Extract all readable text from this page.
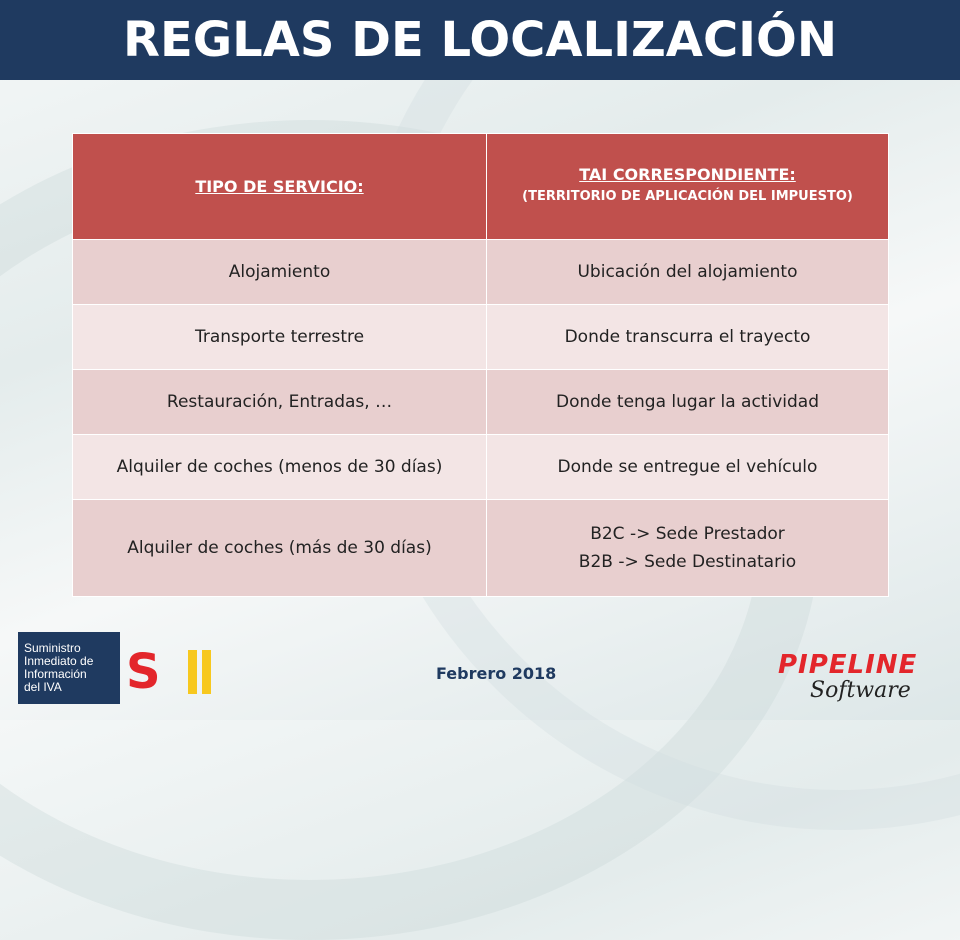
REGLAS DE LOCALIZACIÓN
TIPO DE SERVICIO:	TAI CORRESPONDIENTE:
(TERRITORIO DE APLICACIÓN DEL IMPUESTO)

Alojamiento	Ubicación del alojamiento
Transporte terrestre	Donde transcurra el trayecto
Restauración, Entradas, …	Donde tenga lugar la actividad
Alquiler de coches (menos de 30 días)	Donde se entregue el vehículo
Alquiler de coches (más de 30 días)	B2C -> Sede Prestador
B2B -> Sede Destinatario
Suministro
Inmediato de
Información
del IVA	S	Febrero 2018	PIPELINE
Software
